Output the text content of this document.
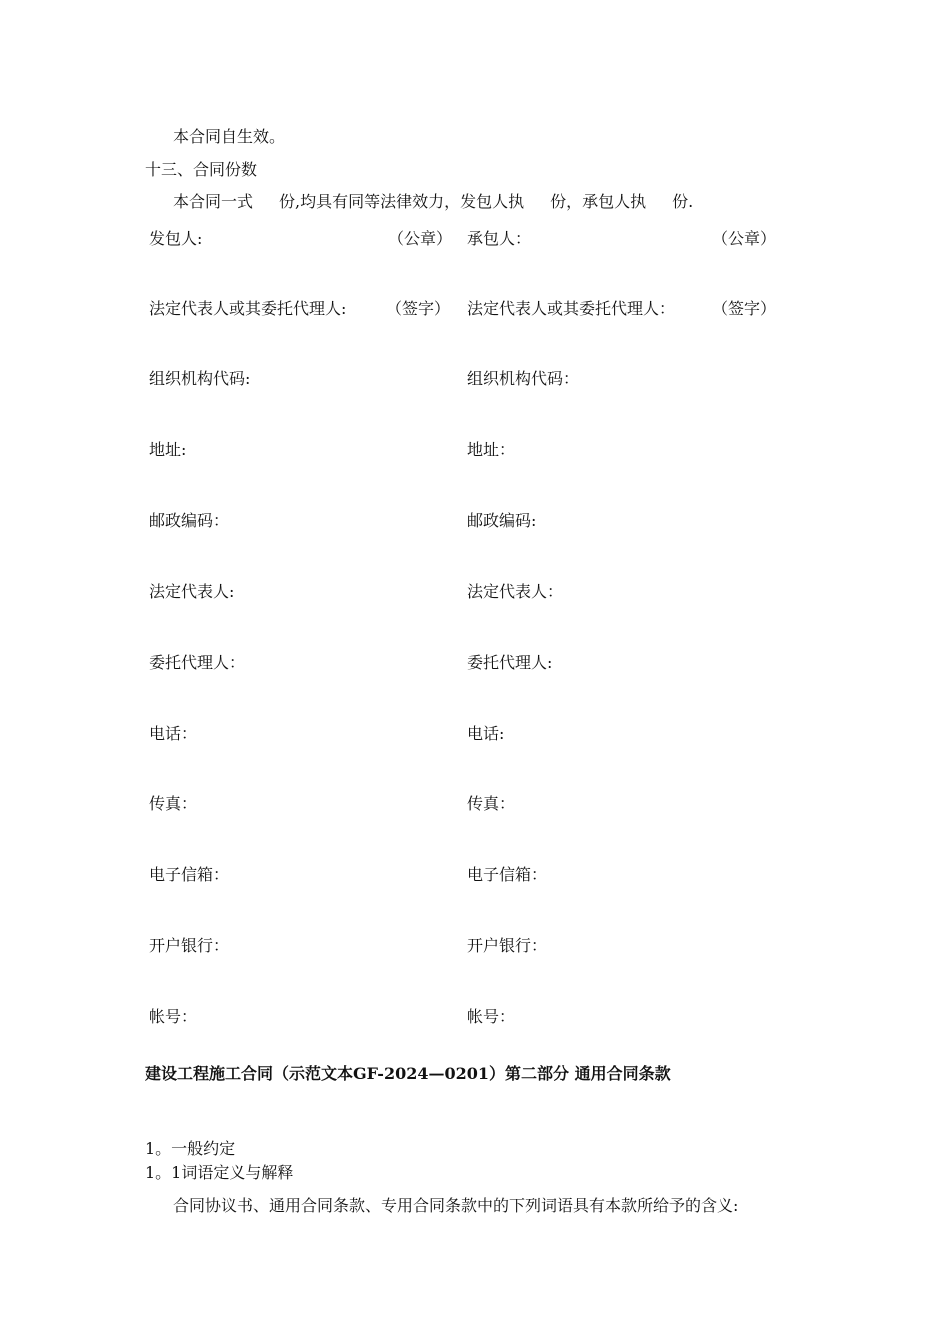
本合同自生效。
十三、合同份数
本合同一式 份,均具有同等法律效力，发包人执 份，承包人执 份.
发包人:	（公章） 承包人：	（公章）
法定代表人或其委托代理人: （签字） 法定代表人或其委托代理人： （签字）
组织机构代码:	组织机构代码：
地址:	地址：
邮政编码：	邮政编码:
法定代表人:	法定代表人：
委托代理人：	委托代理人:
电话：	电话:
传真：	传真：
电子信箱：	电子信箱：
开户银行：	开户银行：
帐号：	帐号：
建设工程施工合同（示范文本GF-2024—0201）第二部分 通用合同条款
1。一般约定
1。1词语定义与解释
合同协议书、通用合同条款、专用合同条款中的下列词语具有本款所给予的含义:
